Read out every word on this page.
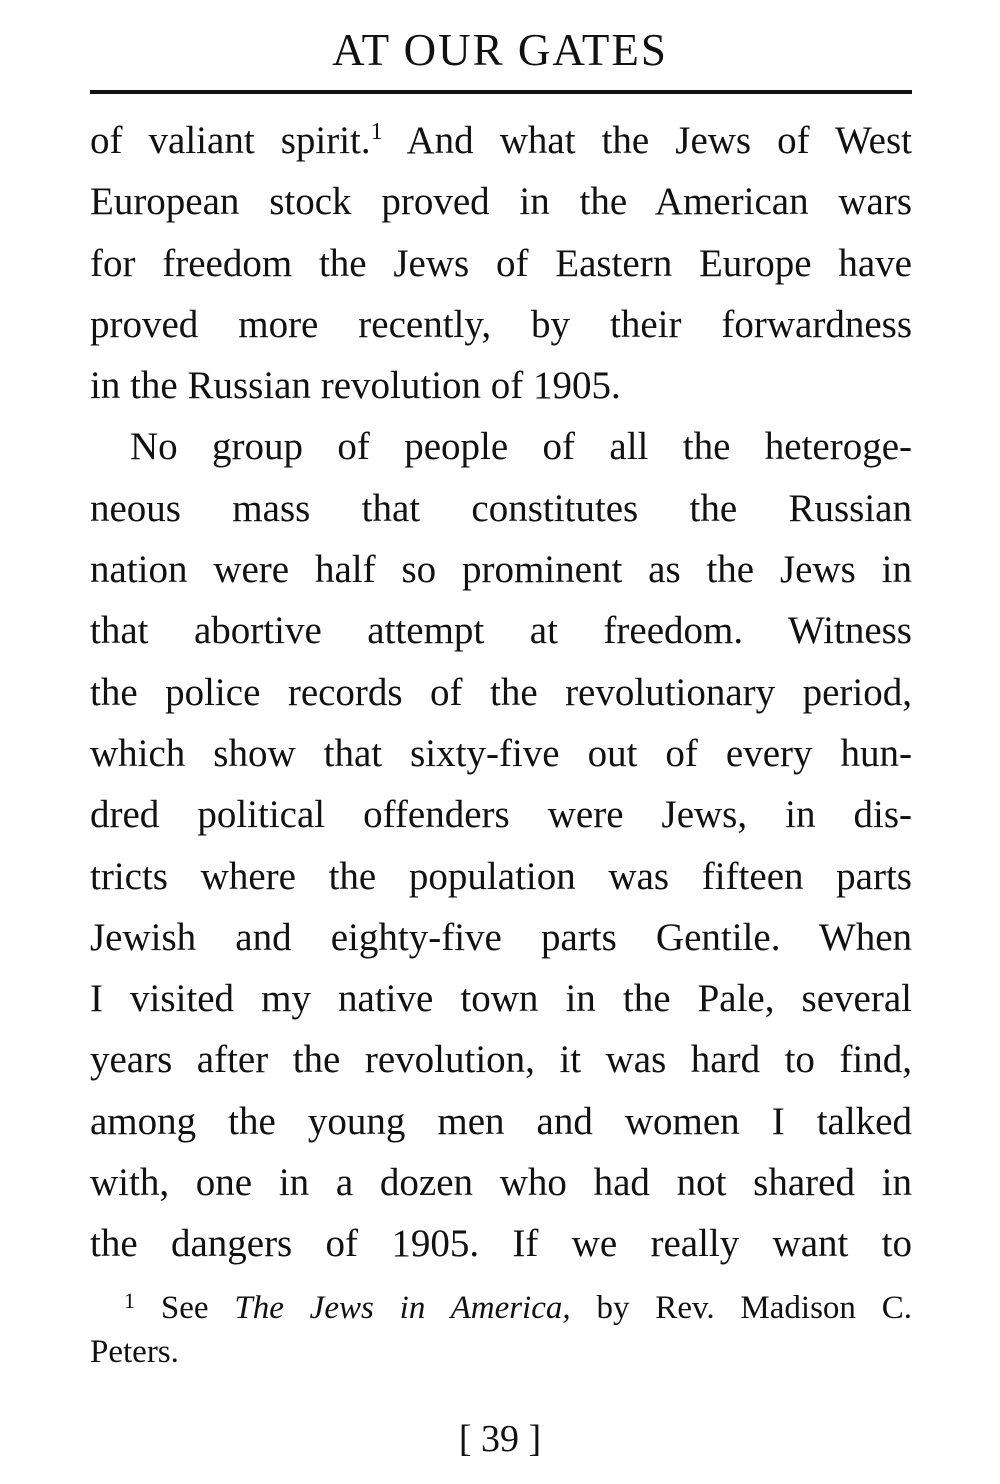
AT OUR GATES
of valiant spirit.$^1$ And what the Jews of West
European stock proved in the American wars
for freedom the Jews of Eastern Europe have
proved more recently, by their forwardness
in the Russian revolution of 1905.
No group of people of all the heteroge-
neous mass that constitutes the Russian
nation were half so prominent as the Jews in
that abortive attempt at freedom. Witness
the police records of the revolutionary period,
which show that sixty-five out of every hun-
dred political offenders were Jews, in dis-
tricts where the population was fifteen parts
Jewish and eighty-five parts Gentile. When
I visited my native town in the Pale, several
years after the revolution, it was hard to find,
among the young men and women I talked
with, one in a dozen who had not shared in
the dangers of 1905. If we really want to
$^1$ See The Jews in America, by Rev. Madison C.
Peters.
[ 39 ]
